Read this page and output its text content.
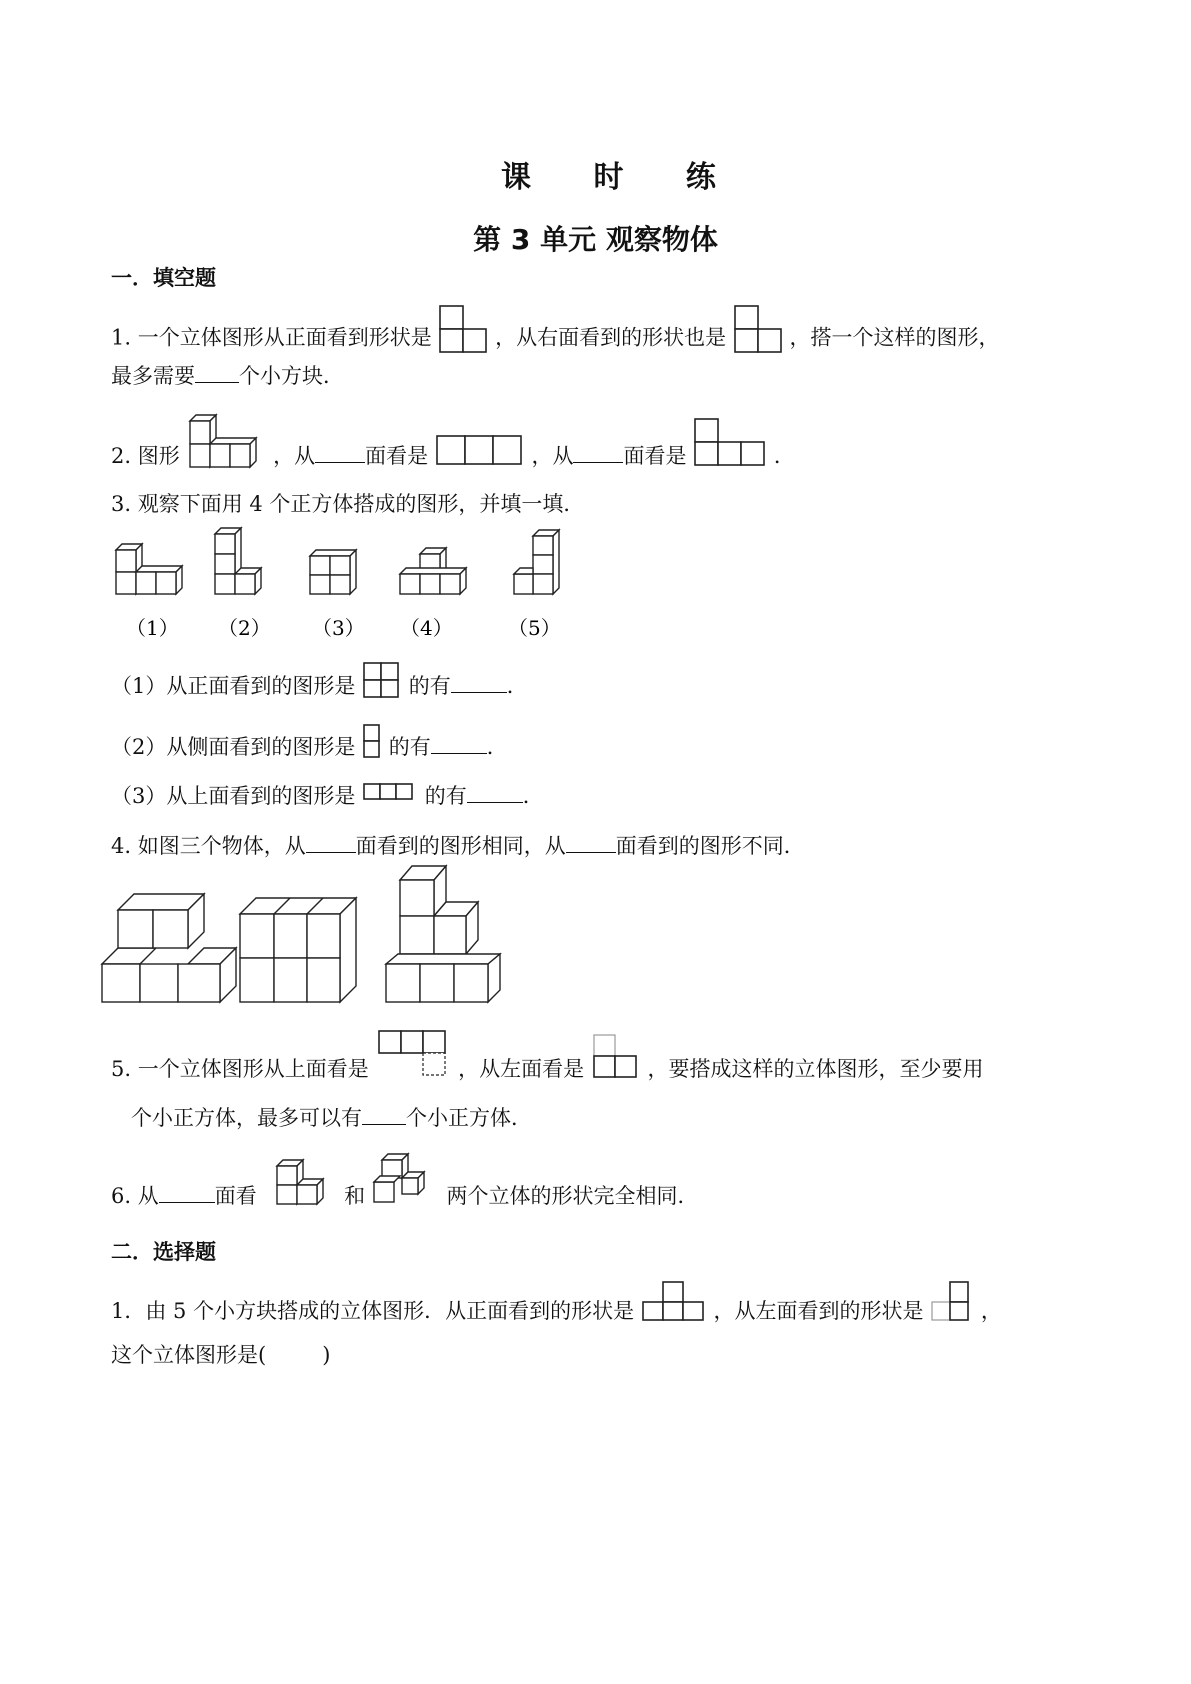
课 时 练
第 3 单元 观察物体
一．填空题
1. 一个立体图形从正面看到形状是	，从右面看到的形状也是	，搭一个这样的图形，
最多需要 个小方块．
2. 图形	，从 面看是	，从 面看是	．
3. 观察下面用 4 个正方体搭成的图形，并填一填．
（1） （2） （3） （4）	（5）
（1）从正面看到的图形是	的有	．
（2）从侧面看到的图形是 的有	．
（3）从上面看到的图形是	的有	．
4. 如图三个物体，从 面看到的图形相同，从 面看到的图形不同．
5. 一个立体图形从上面看是	，从左面看是	，要搭成这样的立体图形，至少要用
个小正方体，最多可以有 个小正方体．
6. 从	面看	和	两个立体的形状完全相同．
二．选择题
1．由 5 个小方块搭成的立体图形．从正面看到的形状是	，从左面看到的形状是	，
这个立体图形是(	)
